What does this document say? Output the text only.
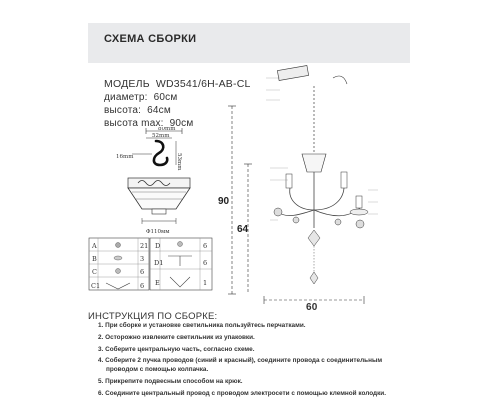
СХЕМА СБОРКИ
МОДЕЛЬ WD3541/6H-AB-CL
диаметр: 60см
высота: 64см
высота max: 90см
80mm
52mm
16mm	53mm
Φ110мм
A	21
B	3
C	6
C1	6
D	6
D1	6
E	1
90
64
60
ИНСТРУКЦИЯ ПО СБОРКЕ:
1. При сборке и установке светильника пользуйтесь перчатками.
2. Осторожно извлеките светильник из упаковки.
3. Соберите центральную часть, согласно схеме.
4. Соберите 2 пучка проводов (синий и красный), соедините провода с соединительным
проводом с помощью колпачка.
5. Прикрепите подвесным способом на крюк.
6. Соедините центральный провод с проводом электросети с помощью клемной колодки.
